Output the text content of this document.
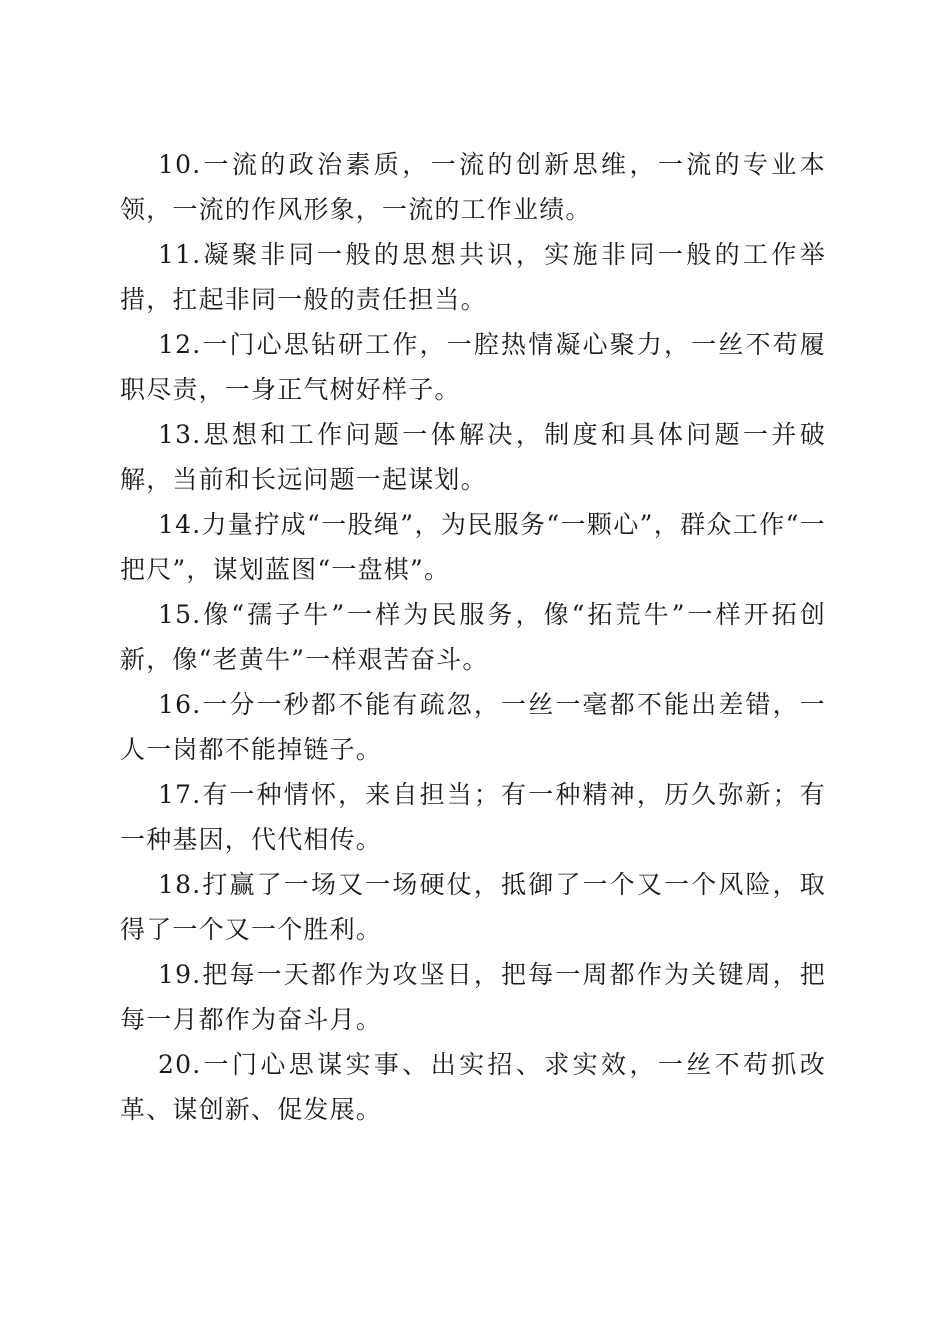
10.一流的政治素质，一流的创新思维，一流的专业本领，一流的作风形象，一流的工作业绩。

11.凝聚非同一般的思想共识，实施非同一般的工作举措，扛起非同一般的责任担当。

12.一门心思钻研工作，一腔热情凝心聚力，一丝不苟履职尽责，一身正气树好样子。

13.思想和工作问题一体解决，制度和具体问题一并破解，当前和长远问题一起谋划。

14.力量拧成“一股绳”，为民服务“一颗心”，群众工作“一把尺”，谋划蓝图“一盘棋”。

15.像“孺子牛”一样为民服务，像“拓荒牛”一样开拓创新，像“老黄牛”一样艰苦奋斗。

16.一分一秒都不能有疏忽，一丝一毫都不能出差错，一人一岗都不能掉链子。

17.有一种情怀，来自担当；有一种精神，历久弥新；有一种基因，代代相传。

18.打赢了一场又一场硬仗，抵御了一个又一个风险，取得了一个又一个胜利。

19.把每一天都作为攻坚日，把每一周都作为关键周，把每一月都作为奋斗月。

20.一门心思谋实事、出实招、求实效，一丝不苟抓改革、谋创新、促发展。
